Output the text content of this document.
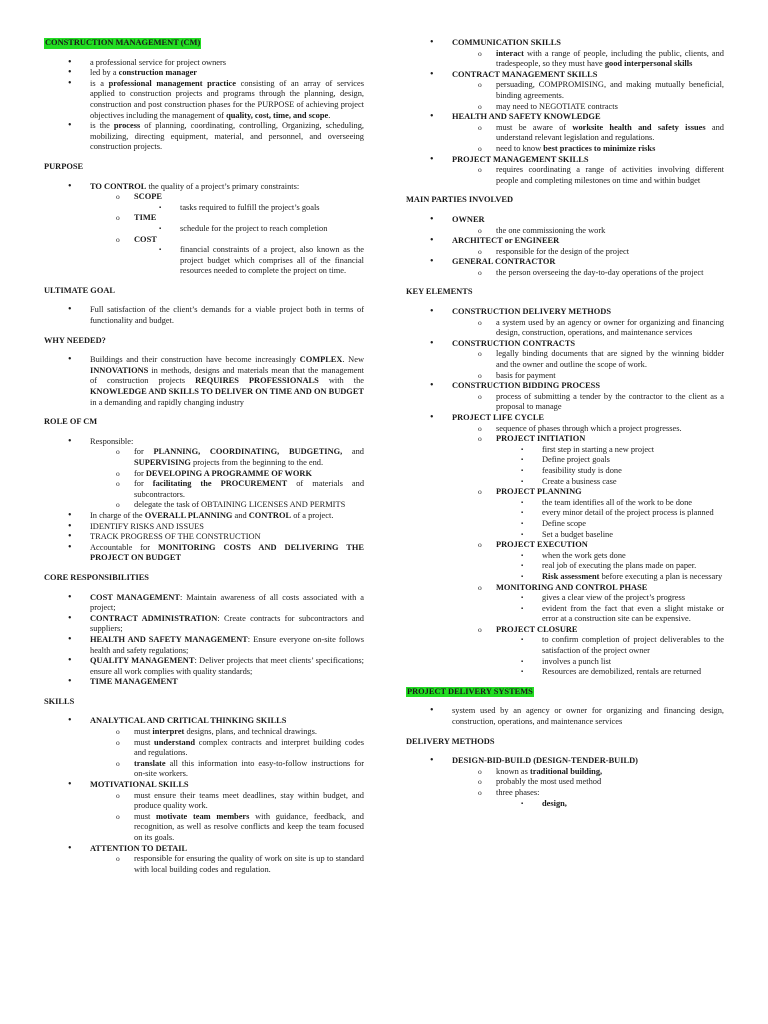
CONSTRUCTION MANAGEMENT (CM)
• a professional service for project owners
• led by a construction manager
• is a professional management practice consisting of an array of services applied to construction projects and programs through the planning, design, construction and post construction phases for the PURPOSE of achieving project objectives including the management of quality, cost, time, and scope.
• is the process of planning, coordinating, controlling, Organizing, scheduling, mobilizing, directing equipment, material, and personnel, and overseeing construction projects.
PURPOSE
• TO CONTROL the quality of a project’s primary constraints:
o SCOPE
▪ tasks required to fulfill the project’s goals
o TIME
▪ schedule for the project to reach completion
o COST
▪ financial constraints of a project, also known as the project budget which comprises all of the financial resources needed to complete the project on time.
ULTIMATE GOAL
• Full satisfaction of the client’s demands for a viable project both in terms of functionality and budget.
WHY NEEDED?
• Buildings and their construction have become increasingly COMPLEX. New INNOVATIONS in methods, designs and materials mean that the management of construction projects REQUIRES PROFESSIONALS with the KNOWLEDGE AND SKILLS TO DELIVER ON TIME AND ON BUDGET in a demanding and rapidly changing industry
ROLE OF CM
• Responsible:
o for PLANNING, COORDINATING, BUDGETING, and SUPERVISING projects from the beginning to the end.
o for DEVELOPING A PROGRAMME OF WORK
o for facilitating the PROCUREMENT of materials and subcontractors.
o delegate the task of OBTAINING LICENSES AND PERMITS
• In charge of the OVERALL PLANNING and CONTROL of a project.
• IDENTIFY RISKS AND ISSUES
• TRACK PROGRESS OF THE CONSTRUCTION
• Accountable for MONITORING COSTS AND DELIVERING THE PROJECT ON BUDGET
CORE RESPONSIBILITIES
• COST MANAGEMENT: Maintain awareness of all costs associated with a project;
• CONTRACT ADMINISTRATION: Create contracts for subcontractors and suppliers;
• HEALTH AND SAFETY MANAGEMENT: Ensure everyone on-site follows health and safety regulations;
• QUALITY MANAGEMENT: Deliver projects that meet clients’ specifications; ensure all work complies with quality standards;
• TIME MANAGEMENT
SKILLS
• ANALYTICAL AND CRITICAL THINKING SKILLS
o must interpret designs, plans, and technical drawings.
o must understand complex contracts and interpret building codes and regulations.
o translate all this information into easy-to-follow instructions for on-site workers.
• MOTIVATIONAL SKILLS
o must ensure their teams meet deadlines, stay within budget, and produce quality work.
o must motivate team members with guidance, feedback, and recognition, as well as resolve conflicts and keep the team focused on its goals.
• ATTENTION TO DETAIL
o responsible for ensuring the quality of work on site is up to standard with local building codes and regulation.
• COMMUNICATION SKILLS
o interact with a range of people, including the public, clients, and tradespeople, so they must have good interpersonal skills
• CONTRACT MANAGEMENT SKILLS
o persuading, COMPROMISING, and making mutually beneficial, binding agreements.
o may need to NEGOTIATE contracts
• HEALTH AND SAFETY KNOWLEDGE
o must be aware of worksite health and safety issues and understand relevant legislation and regulations.
o need to know best practices to minimize risks
• PROJECT MANAGEMENT SKILLS
o requires coordinating a range of activities involving different people and completing milestones on time and within budget
MAIN PARTIES INVOLVED
• OWNER
o the one commissioning the work
• ARCHITECT or ENGINEER
o responsible for the design of the project
• GENERAL CONTRACTOR
o the person overseeing the day-to-day operations of the project
KEY ELEMENTS
• CONSTRUCTION DELIVERY METHODS
o a system used by an agency or owner for organizing and financing design, construction, operations, and maintenance services
• CONSTRUCTION CONTRACTS
o legally binding documents that are signed by the winning bidder and the owner and outline the scope of work.
o basis for payment
• CONSTRUCTION BIDDING PROCESS
o process of submitting a tender by the contractor to the client as a proposal to manage
• PROJECT LIFE CYCLE
o sequence of phases through which a project progresses.
o PROJECT INITIATION
▪ first step in starting a new project
▪ Define project goals
▪ feasibility study is done
▪ Create a business case
o PROJECT PLANNING
▪ the team identifies all of the work to be done
▪ every minor detail of the project process is planned
▪ Define scope
▪ Set a budget baseline
o PROJECT EXECUTION
▪ when the work gets done
▪ real job of executing the plans made on paper.
▪ Risk assessment before executing a plan is necessary
o MONITORING AND CONTROL PHASE
▪ gives a clear view of the project’s progress
▪ evident from the fact that even a slight mistake or error at a construction site can be expensive.
o PROJECT CLOSURE
▪ to confirm completion of project deliverables to the satisfaction of the project owner
▪ involves a punch list
▪ Resources are demobilized, rentals are returned
PROJECT DELIVERY SYSTEMS
• system used by an agency or owner for organizing and financing design, construction, operations, and maintenance services
DELIVERY METHODS
• DESIGN-BID-BUILD (DESIGN-TENDER-BUILD)
o known as traditional building,
o probably the most used method
o three phases:
▪ design,
